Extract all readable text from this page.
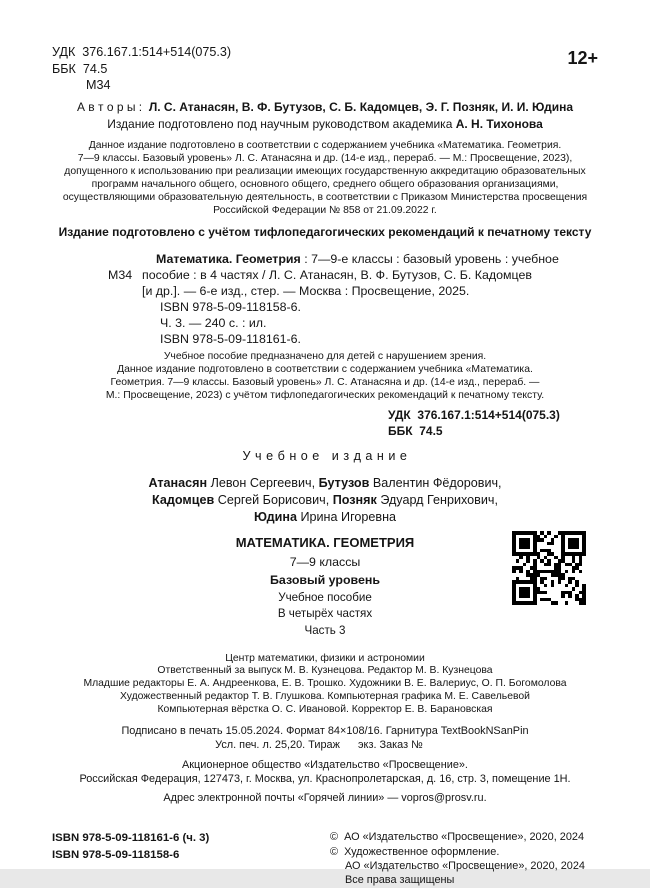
УДК  376.167.1:514+514(075.3)
ББК  74.5
М34
12+
А в т о р ы :  Л. С. Атанасян, В. Ф. Бутузов, С. Б. Кадомцев, Э. Г. Позняк, И. И. Юдина
Издание подготовлено под научным руководством академика А. Н. Тихонова
Данное издание подготовлено в соответствии с содержанием учебника «Математика. Геометрия.
7—9 классы. Базовый уровень» Л. С. Атанасяна и др. (14-е изд., перераб. — М.: Просвещение, 2023),
допущенного к использованию при реализации имеющих государственную аккредитацию образовательных
программ начального общего, основного общего, среднего общего образования организациями,
осуществляющими образовательную деятельность, в соответствии с Приказом Министерства просвещения
Российской Федерации № 858 от 21.09.2022 г.
Издание подготовлено с учётом тифлопедагогических рекомендаций к печатному тексту
Математика. Геометрия : 7—9-е классы : базовый уровень : учебное
М34 пособие : в 4 частях / Л. С. Атанасян, В. Ф. Бутузов, С. Б. Кадомцев
[и др.]. — 6-е изд., стер. — Москва : Просвещение, 2025.
ISBN 978-5-09-118158-6.
Ч. 3. — 240 с. : ил.
ISBN 978-5-09-118161-6.
Учебное пособие предназначено для детей с нарушением зрения.
Данное издание подготовлено в соответствии с содержанием учебника «Математика.
Геометрия. 7—9 классы. Базовый уровень» Л. С. Атанасяна и др. (14-е изд., перераб. —
М.: Просвещение, 2023) с учётом тифлопедагогических рекомендаций к печатному тексту.
УДК  376.167.1:514+514(075.3)
ББК  74.5
У ч е б н о е   и з д а н и е
Атанасян Левон Сергеевич, Бутузов Валентин Фёдорович,
Кадомцев Сергей Борисович, Позняк Эдуард Генрихович,
Юдина Ирина Игоревна
МАТЕМАТИКА. ГЕОМЕТРИЯ
7—9 классы
Базовый уровень
Учебное пособие
В четырёх частях
Часть 3
Центр математики, физики и астрономии
Ответственный за выпуск М. В. Кузнецова. Редактор М. В. Кузнецова
Младшие редакторы Е. А. Андреенкова, Е. В. Трошко. Художники В. Е. Валериус, О. П. Богомолова
Художественный редактор Т. В. Глушкова. Компьютерная графика М. Е. Савельевой
Компьютерная вёрстка О. С. Ивановой. Корректор Е. В. Барановская
Подписано в печать 15.05.2024. Формат 84×108/16. Гарнитура TextBookNSanPin
Усл. печ. л. 25,20. Тираж      экз. Заказ №
Акционерное общество «Издательство «Просвещение».
Российская Федерация, 127473, г. Москва, ул. Краснопролетарская, д. 16, стр. 3, помещение 1Н.
Адрес электронной почты «Горячей линии» — vopros@prosv.ru.
ISBN 978-5-09-118161-6 (ч. 3)
ISBN 978-5-09-118158-6
©  АО «Издательство «Просвещение», 2020, 2024
©  Художественное оформление.
АО «Издательство «Просвещение», 2020, 2024
Все права защищены
